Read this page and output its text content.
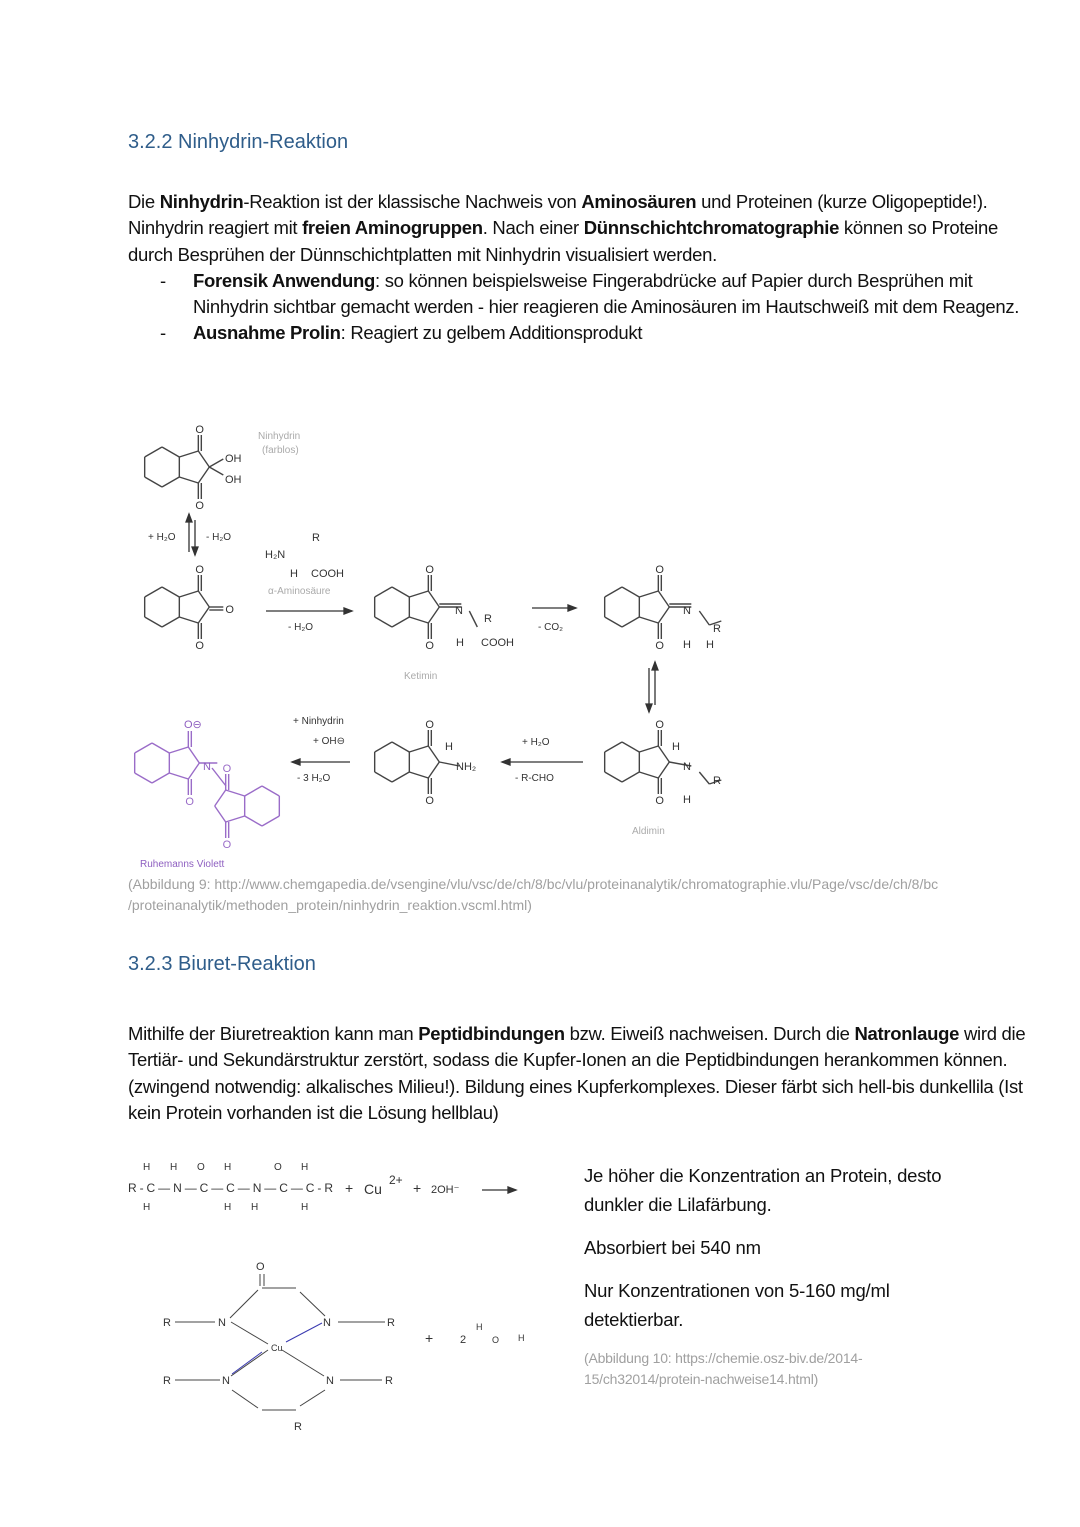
3.2.2 Ninhydrin-Reaktion
Die Ninhydrin-Reaktion ist der klassische Nachweis von Aminosäuren und Proteinen (kurze Oligopeptide!). Ninhydrin reagiert mit freien Aminogruppen. Nach einer Dünnschichtchromatographie können so Proteine durch Besprühen der Dünnschichtplatten mit Ninhydrin visualisiert werden.
- Forensik Anwendung: so können beispielsweise Fingerabdrücke auf Papier durch Besprühen mit Ninhydrin sichtbar gemacht werden - hier reagieren die Aminosäuren im Hautschweiß mit dem Reagenz.
- Ausnahme Prolin: Reagiert zu gelbem Additionsprodukt
O
O
O
O
O
O
O
O
O
O
O
O
O
O
O
O
Ninhydrin
(farblos)
OH
OH
+ H₂O	- H₂O	R
H₂N
H COOH
α-Aminosäure
- H₂O	- CO₂
N
R
H COOH
Ketimin
N
R
H H
H
N
R
H
Aldimin
+ H₂O
- R-CHO
H
NH₂
+ Ninhydrin
+ OH⊖
- 3 H₂O
O⊖
N
Ruhemanns Violett
R-C—N—C—C—N—C—C-R
H H O H	O H
H	H H	H
+ Cu
2+ + 2OH⁻
+ 2
H
O H
Cu
N	N
N	N
R
R
R
R
O
R
(Abbildung 9: http://www.chemgapedia.de/vsengine/vlu/vsc/de/ch/8/bc/vlu/proteinanalytik/chromatographie.vlu/Page/vsc/de/ch/8/bc /proteinanalytik/methoden_protein/ninhydrin_reaktion.vscml.html)
3.2.3 Biuret-Reaktion
Mithilfe der Biuretreaktion kann man Peptidbindungen bzw. Eiweiß nachweisen. Durch die Natronlauge wird die Tertiär- und Sekundärstruktur zerstört, sodass die Kupfer-Ionen an die Peptidbindungen herankommen können. (zwingend notwendig: alkalisches Milieu!). Bildung eines Kupferkomplexes. Dieser färbt sich hell-bis dunkellila (Ist kein Protein vorhanden ist die Lösung hellblau)
Je höher die Konzentration an Protein, desto dunkler die Lilafärbung.
Absorbiert bei 540 nm
Nur Konzentrationen von 5-160 mg/ml detektierbar.
(Abbildung 10: https://chemie.osz-biv.de/2014-15/ch32014/protein-nachweise14.html)
